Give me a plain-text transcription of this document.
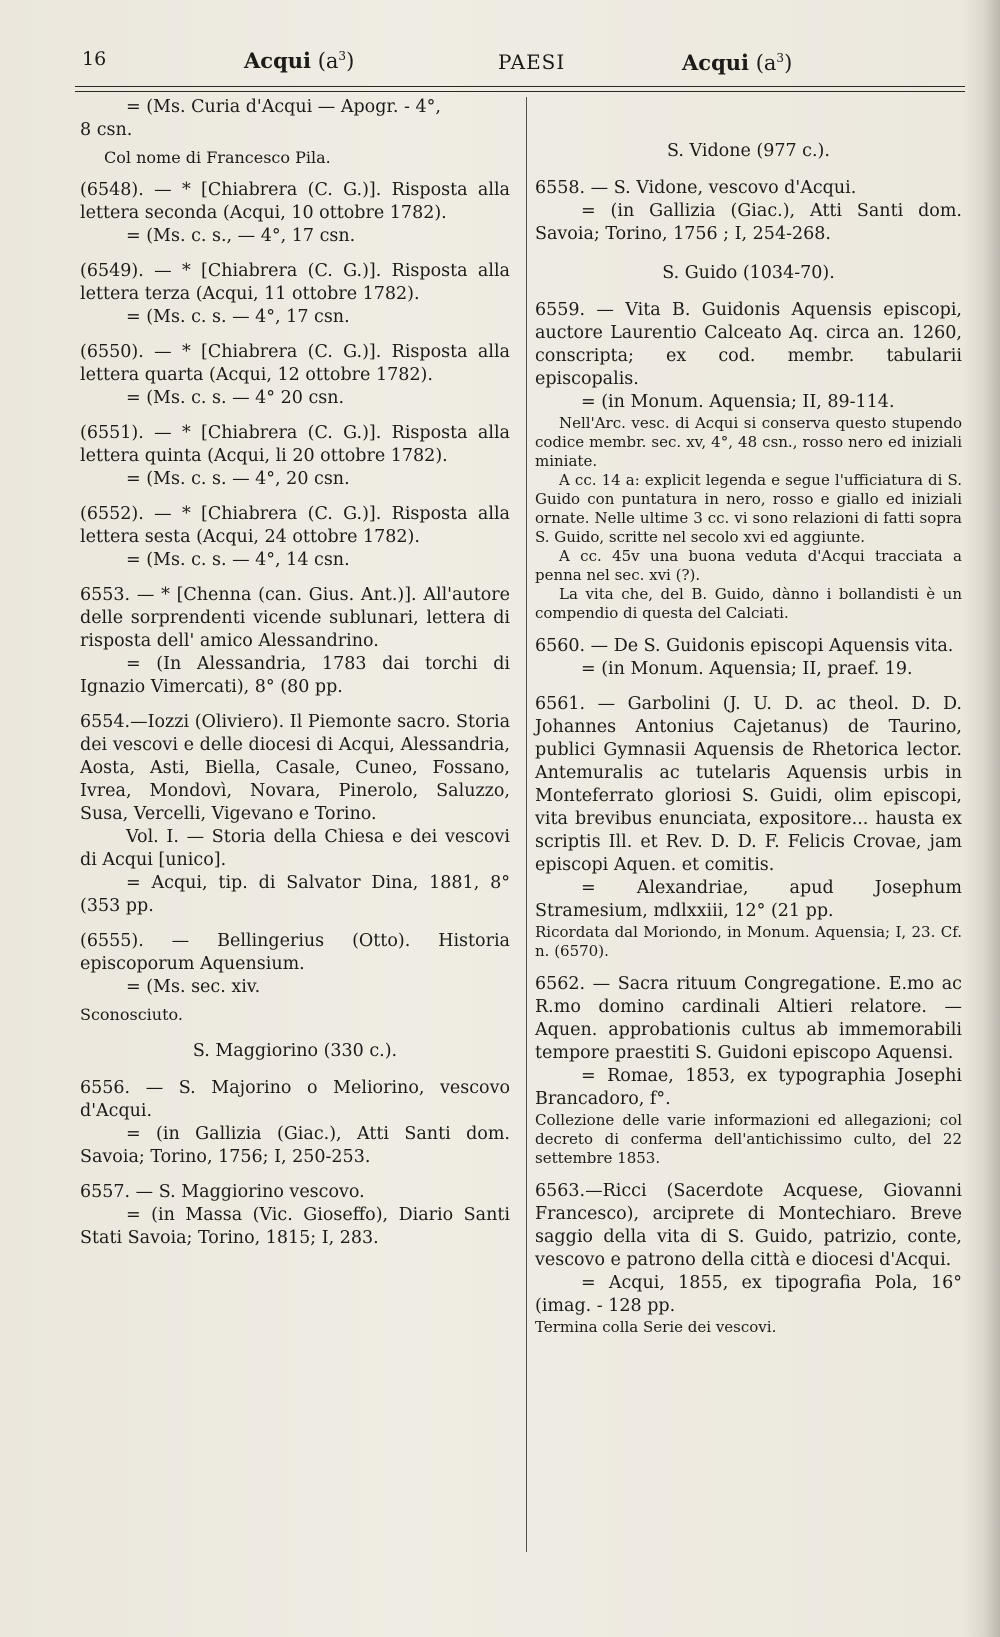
16	Acqui $(a^3)$	PAESI	Acqui $(a^3)$

= (Ms. Curia d'Acqui — Apogr. - 4°,

8 csn.

Col nome di Francesco Pila.

(6548). — * [Chiabrera (C. G.)]. Risposta alla lettera seconda (Acqui, 10 ottobre 1782).

= (Ms. c. s., — 4°, 17 csn.

(6549). — * [Chiabrera (C. G.)]. Risposta alla lettera terza (Acqui, 11 ottobre 1782).

= (Ms. c. s. — 4°, 17 csn.

(6550). — * [Chiabrera (C. G.)]. Risposta alla lettera quarta (Acqui, 12 ottobre 1782).

= (Ms. c. s. — 4° 20 csn.

(6551). — * [Chiabrera (C. G.)]. Risposta alla lettera quinta (Acqui, li 20 ottobre 1782).

= (Ms. c. s. — 4°, 20 csn.

(6552). — * [Chiabrera (C. G.)]. Risposta alla lettera sesta (Acqui, 24 ottobre 1782).

= (Ms. c. s. — 4°, 14 csn.

6553. — * [Chenna (can. Gius. Ant.)]. All'autore delle sorprendenti vicende sublunari, lettera di risposta dell' amico Alessandrino.

= (In Alessandria, 1783 dai torchi di Ignazio Vimercati), 8° (80 pp.

6554.—Iozzi (Oliviero). Il Piemonte sacro. Storia dei vescovi e delle diocesi di Acqui, Alessandria, Aosta, Asti, Biella, Casale, Cuneo, Fossano, Ivrea, Mondovì, Novara, Pinerolo, Saluzzo, Susa, Vercelli, Vigevano e Torino.

Vol. I. — Storia della Chiesa e dei vescovi di Acqui [unico].

= Acqui, tip. di Salvator Dina, 1881, 8° (353 pp.

(6555). — Bellingerius (Otto). Historia episcoporum Aquensium.

= (Ms. sec. xiv.

Sconosciuto.

S. Maggiorino (330 c.).

6556. — S. Majorino o Meliorino, vescovo d'Acqui.

= (in Gallizia (Giac.), Atti Santi dom. Savoia; Torino, 1756; I, 250-253.

6557. — S. Maggiorino vescovo.

= (in Massa (Vic. Gioseffo), Diario Santi Stati Savoia; Torino, 1815; I, 283.

S. Vidone (977 c.).

6558. — S. Vidone, vescovo d'Acqui.

= (in Gallizia (Giac.), Atti Santi dom. Savoia; Torino, 1756 ; I, 254-268.

S. Guido (1034-70).

6559. — Vita B. Guidonis Aquensis episcopi, auctore Laurentio Calceato Aq. circa an. 1260, conscripta; ex cod. membr. tabularii episcopalis.

= (in Monum. Aquensia; II, 89-114.

Nell'Arc. vesc. di Acqui si conserva questo stupendo codice membr. sec. xv, 4°, 48 csn., rosso nero ed iniziali miniate.

A cc. 14 a: explicit legenda e segue l'ufficiatura di S. Guido con puntatura in nero, rosso e giallo ed iniziali ornate. Nelle ultime 3 cc. vi sono relazioni di fatti sopra S. Guido, scritte nel secolo xvi ed aggiunte.

A cc. 45v una buona veduta d'Acqui tracciata a penna nel sec. xvi (?).

La vita che, del B. Guido, dànno i bollandisti è un compendio di questa del Calciati.

6560. — De S. Guidonis episcopi Aquensis vita.

= (in Monum. Aquensia; II, praef. 19.

6561. — Garbolini (J. U. D. ac theol. D. D. Johannes Antonius Cajetanus) de Taurino, publici Gymnasii Aquensis de Rhetorica lector. Antemuralis ac tutelaris Aquensis urbis in Monteferrato gloriosi S. Guidi, olim episcopi, vita brevibus enunciata, expositore... hausta ex scriptis Ill. et Rev. D. D. F. Felicis Crovae, jam episcopi Aquen. et comitis.

= Alexandriae, apud Josephum Stramesium, mdlxxiii, 12° (21 pp.

Ricordata dal Moriondo, in Monum. Aquensia; I, 23. Cf. n. (6570).

6562. — Sacra rituum Congregatione. E.mo ac R.mo domino cardinali Altieri relatore. — Aquen. approbationis cultus ab immemorabili tempore praestiti S. Guidoni episcopo Aquensi.

= Romae, 1853, ex typographia Josephi Brancadoro, f°.

Collezione delle varie informazioni ed allegazioni; col decreto di conferma dell'antichissimo culto, del 22 settembre 1853.

6563.—Ricci (Sacerdote Acquese, Giovanni Francesco), arciprete di Montechiaro. Breve saggio della vita di S. Guido, patrizio, conte, vescovo e patrono della città e diocesi d'Acqui.

= Acqui, 1855, ex tipografia Pola, 16° (imag. - 128 pp.

Termina colla Serie dei vescovi.
